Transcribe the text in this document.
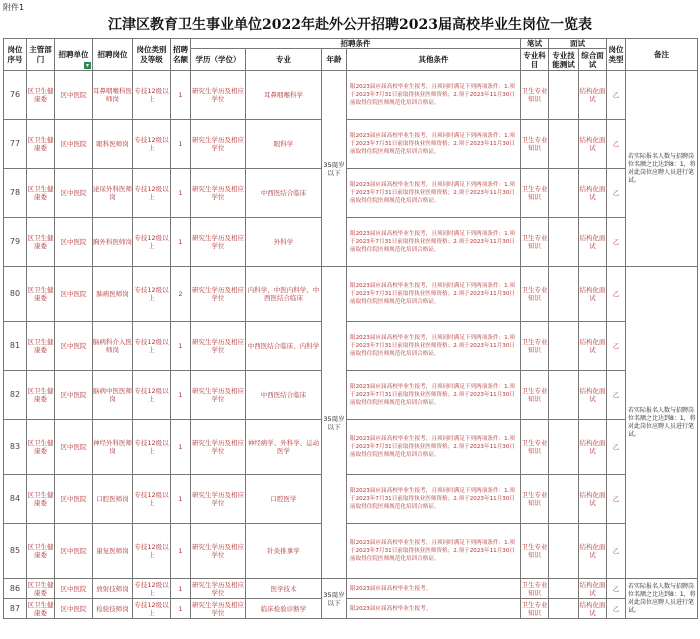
附件1
江津区教育卫生事业单位2022年赴外公开招聘2023届高校毕业生岗位一览表
岗位序号	主管部门	招聘单位
▾	招聘岗位	岗位类别及等级	招聘名额	招聘条件				笔试	面试		岗位类型	备注
						学历（学位）	专业	年龄	其他条件	专业科目	专业技能测试	综合面试		
76	区卫生健康委	区中医院	耳鼻咽喉科医师岗	专技12级以上	1	研究生学历及相应学位	耳鼻咽喉科学	35周岁以下	限2023届应届高校毕业生报考，且须同时满足下列两项条件：1.须于2023年7月31日前取得执业医师资格；2.须于2023年11月30日前取得住院医师规范化培训合格证。	卫生专业知识		结构化面试	乙	若实际报名人数与招聘岗位名额之比达到8：1，将对此岗位应聘人员进行笔试。
77	区卫生健康委	区中医院	眼科医师岗	专技12级以上	1	研究生学历及相应学位	眼科学		限2023届应届高校毕业生报考，且须同时满足下列两项条件：1.须于2023年7月31日前取得执业医师资格；2.须于2023年11月30日前取得住院医师规范化培训合格证。	卫生专业知识		结构化面试	乙	
78	区卫生健康委	区中医院	泌尿外科医师岗	专技12级以上	1	研究生学历及相应学位	中西医结合临床		限2023届应届高校毕业生报考，且须同时满足下列两项条件：1.须于2023年7月31日前取得执业医师资格；2.须于2023年11月30日前取得住院医师规范化培训合格证。	卫生专业知识		结构化面试	乙	
79	区卫生健康委	区中医院	胸外科医师岗	专技12级以上	1	研究生学历及相应学位	外科学		限2023届应届高校毕业生报考，且须同时满足下列两项条件：1.须于2023年7月31日前取得执业医师资格；2.须于2023年11月30日前取得住院医师规范化培训合格证。	卫生专业知识		结构化面试	乙	
80	区卫生健康委	区中医院	肺病医师岗	专技12级以上	2	研究生学历及相应学位	内科学、中医内科学、中西医结合临床	35周岁以下	限2023届应届高校毕业生报考，且须同时满足下列两项条件：1.须于2023年7月31日前取得执业医师资格；2.须于2023年11月30日前取得住院医师规范化培训合格证。	卫生专业知识		结构化面试	乙	若实际报名人数与招聘岗位名额之比达到8：1，将对此岗位应聘人员进行笔试。
81	区卫生健康委	区中医院	脑病科介入医师岗	专技12级以上	1	研究生学历及相应学位	中西医结合临床、内科学		限2023届应届高校毕业生报考，且须同时满足下列两项条件：1.须于2023年7月31日前取得执业医师资格；2.须于2023年11月30日前取得住院医师规范化培训合格证。	卫生专业知识		结构化面试	乙	
82	区卫生健康委	区中医院	脑病中医医师岗	专技12级以上	1	研究生学历及相应学位	中西医结合临床		限2023届应届高校毕业生报考，且须同时满足下列两项条件：1.须于2023年7月31日前取得执业医师资格；2.须于2023年11月30日前取得住院医师规范化培训合格证。	卫生专业知识		结构化面试	乙	
83	区卫生健康委	区中医院	神经外科医师岗	专技12级以上	1	研究生学历及相应学位	神经病学、外科学、运动医学		限2023届应届高校毕业生报考，且须同时满足下列两项条件：1.须于2023年7月31日前取得执业医师资格；2.须于2023年11月30日前取得住院医师规范化培训合格证。	卫生专业知识		结构化面试	乙	
84	区卫生健康委	区中医院	口腔医师岗	专技12级以上	1	研究生学历及相应学位	口腔医学		限2023届应届高校毕业生报考，且须同时满足下列两项条件：1.须于2023年7月31日前取得执业医师资格；2.须于2023年11月30日前取得住院医师规范化培训合格证。	卫生专业知识		结构化面试	乙	
85	区卫生健康委	区中医院	康复医师岗	专技12级以上	1	研究生学历及相应学位	针灸推拿学		限2023届应届高校毕业生报考，且须同时满足下列两项条件：1.须于2023年7月31日前取得执业医师资格；2.须于2023年11月30日前取得住院医师规范化培训合格证。	卫生专业知识		结构化面试	乙	
86	区卫生健康委	区中医院	放射技师岗	专技12级以上	1	研究生学历及相应学位	医学技术	35周岁以下	限2023届应届高校毕业生报考。	卫生专业知识		结构化面试	乙	若实际报名人数与招聘岗位名额之比达到8：1，将对此岗位应聘人员进行笔试。
87	区卫生健康委	区中医院	检验技师岗	专技12级以上	1	研究生学历及相应学位	临床检验诊断学		限2023届应届高校毕业生报考。	卫生专业知识		结构化面试	乙	
